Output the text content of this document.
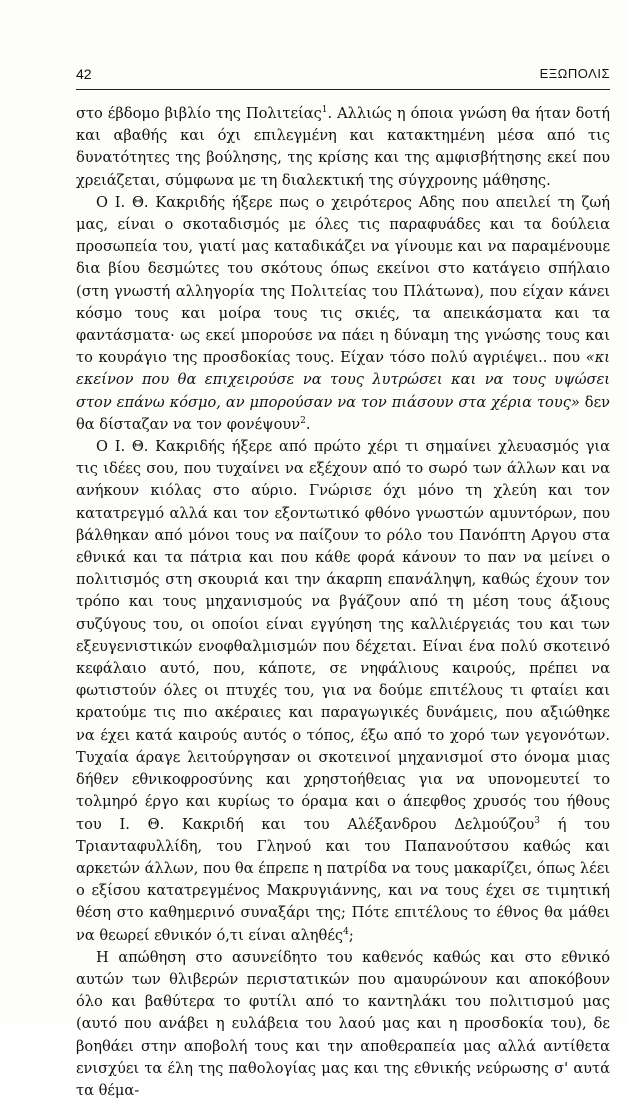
42	ΕΞΩΠΟΛΙΣ

στο έβδομο βιβλίο της Πολιτείας$^1$. Αλλιώς η όποια γνώση θα ήταν δοτή και αβαθής και όχι επιλεγμένη και κατακτημένη μέσα από τις δυνατότητες της βούλησης, της κρίσης και της αμφισβήτησης εκεί που χρειάζεται, σύμφωνα με τη διαλεκτική της σύγχρονης μάθησης.

Ο Ι. Θ. Κακριδής ήξερε πως ο χειρότερος Αδης που απειλεί τη ζωή μας, είναι ο σκοταδισμός με όλες τις παραφυάδες και τα δούλεια προσωπεία του, γιατί μας καταδικάζει να γίνουμε και να παραμένουμε δια βίου δεσμώτες του σκότους όπως εκείνοι στο κατάγειο σπήλαιο (στη γνωστή αλληγορία της Πολιτείας του Πλάτωνα), που είχαν κάνει κόσμο τους και μοίρα τους τις σκιές, τα απεικάσματα και τα φαντάσματα· ως εκεί μπορούσε να πάει η δύναμη της γνώσης τους και το κουράγιο της προσδοκίας τους. Είχαν τόσο πολύ αγριέψει.. που «κι εκείνον που θα επιχειρούσε να τους λυτρώσει και να τους υψώσει στον επάνω κόσμο, αν μπορούσαν να τον πιάσουν στα χέρια τους» δεν θα δίσταζαν να τον φονέψουν$^2$.

Ο Ι. Θ. Κακριδής ήξερε από πρώτο χέρι τι σημαίνει χλευασμός για τις ιδέες σου, που τυχαίνει να εξέχουν από το σωρό των άλλων και να ανήκουν κιόλας στο αύριο. Γνώρισε όχι μόνο τη χλεύη και τον κατατρεγμό αλλά και τον εξοντωτικό φθόνο γνωστών αμυντόρων, που βάλθηκαν από μόνοι τους να παίζουν το ρόλο του Πανόπτη Αργου στα εθνικά και τα πάτρια και που κάθε φορά κάνουν το παν να μείνει ο πολιτισμός στη σκουριά και την άκαρπη επανάληψη, καθώς έχουν τον τρόπο και τους μηχανισμούς να βγάζουν από τη μέση τους άξιους συζύγους του, οι οποίοι είναι εγγύηση της καλλιέργειάς του και των εξευγενιστικών ενοφθαλμισμών που δέχεται. Είναι ένα πολύ σκοτεινό κεφάλαιο αυτό, που, κάποτε, σε νηφάλιους καιρούς, πρέπει να φωτιστούν όλες οι πτυχές του, για να δούμε επιτέλους τι φταίει και κρατούμε τις πιο ακέραιες και παραγωγικές δυνάμεις, που αξιώθηκε να έχει κατά καιρούς αυτός ο τόπος, έξω από το χορό των γεγονότων. Τυχαία άραγε λειτούργησαν οι σκοτεινοί μηχανισμοί στο όνομα μιας δήθεν εθνικοφροσύνης και χρηστοήθειας για να υπονομευτεί το τολμηρό έργο και κυρίως το όραμα και ο άπεφθος χρυσός του ήθους του Ι. Θ. Κακριδή και του Αλέξανδρου Δελμούζου$^3$ ή του Τριανταφυλλίδη, του Γληνού και του Παπανούτσου καθώς και αρκετών άλλων, που θα έπρεπε η πατρίδα να τους μακαρίζει, όπως λέει ο εξίσου κατατρεγμένος Μακρυγιάννης, και να τους έχει σε τιμητική θέση στο καθημερινό συναξάρι της; Πότε επιτέλους το έθνος θα μάθει να θεωρεί εθνικόν ό,τι είναι αληθές$^4$;

Η απώθηση στο ασυνείδητο του καθενός καθώς και στο εθνικό αυτών των θλιβερών περιστατικών που αμαυρώνουν και αποκόβουν όλο και βαθύτερα το φυτίλι από το καντηλάκι του πολιτισμού μας (αυτό που ανάβει η ευλάβεια του λαού μας και η προσδοκία του), δε βοηθάει στην αποβολή τους και την αποθεραπεία μας αλλά αντίθετα ενισχύει τα έλη της παθολογίας μας και της εθνικής νεύρωσης σ' αυτά τα θέμα-
